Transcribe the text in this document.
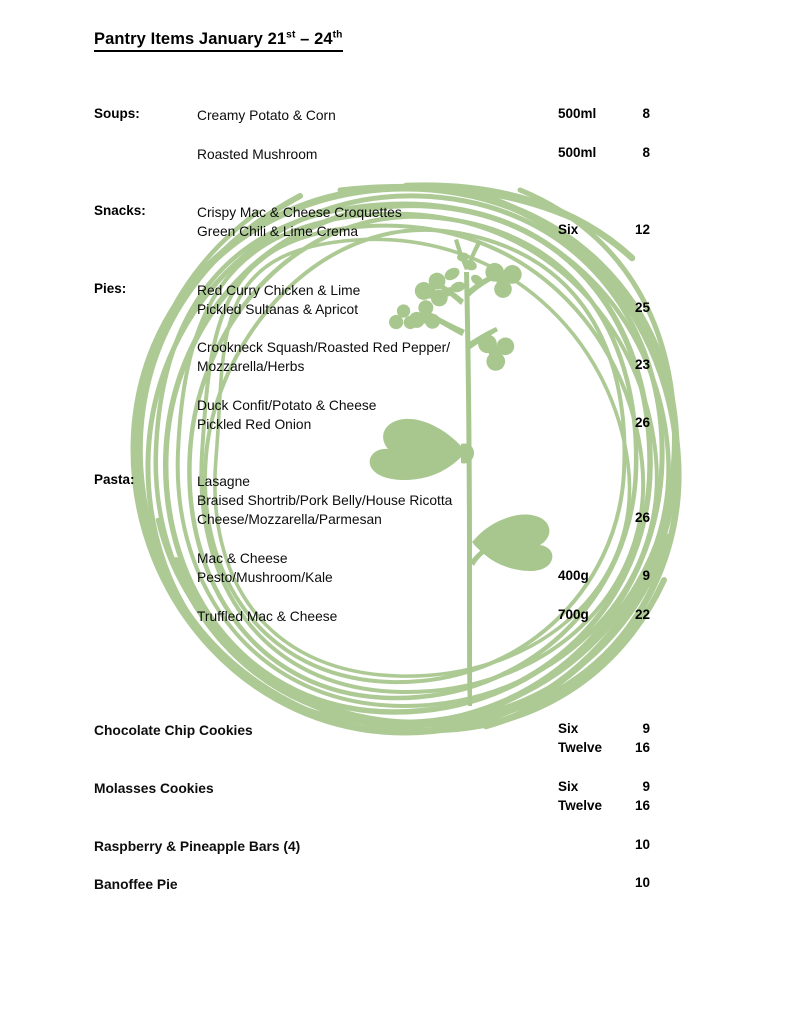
Pantry Items January 21st – 24th
Soups:	Creamy Potato & Corn	500ml	8
Roasted Mushroom	500ml	8
Snacks:	Crispy Mac & Cheese Croquettes
Green Chili & Lime Crema	Six	12
Pies:	Red Curry Chicken & Lime
Pickled Sultanas & Apricot	25
Crookneck Squash/Roasted Red Pepper/
Mozzarella/Herbs	23
Duck Confit/Potato & Cheese
Pickled Red Onion	26
Pasta:	Lasagne
Braised Shortrib/Pork Belly/House Ricotta
Cheese/Mozzarella/Parmesan	26
Mac & Cheese
Pesto/Mushroom/Kale	400g	9
Truffled Mac & Cheese	700g	22
Chocolate Chip Cookies	Six	9
Twelve	16
Molasses Cookies	Six	9
Twelve	16
Raspberry & Pineapple Bars (4)	10
Banoffee Pie	10
